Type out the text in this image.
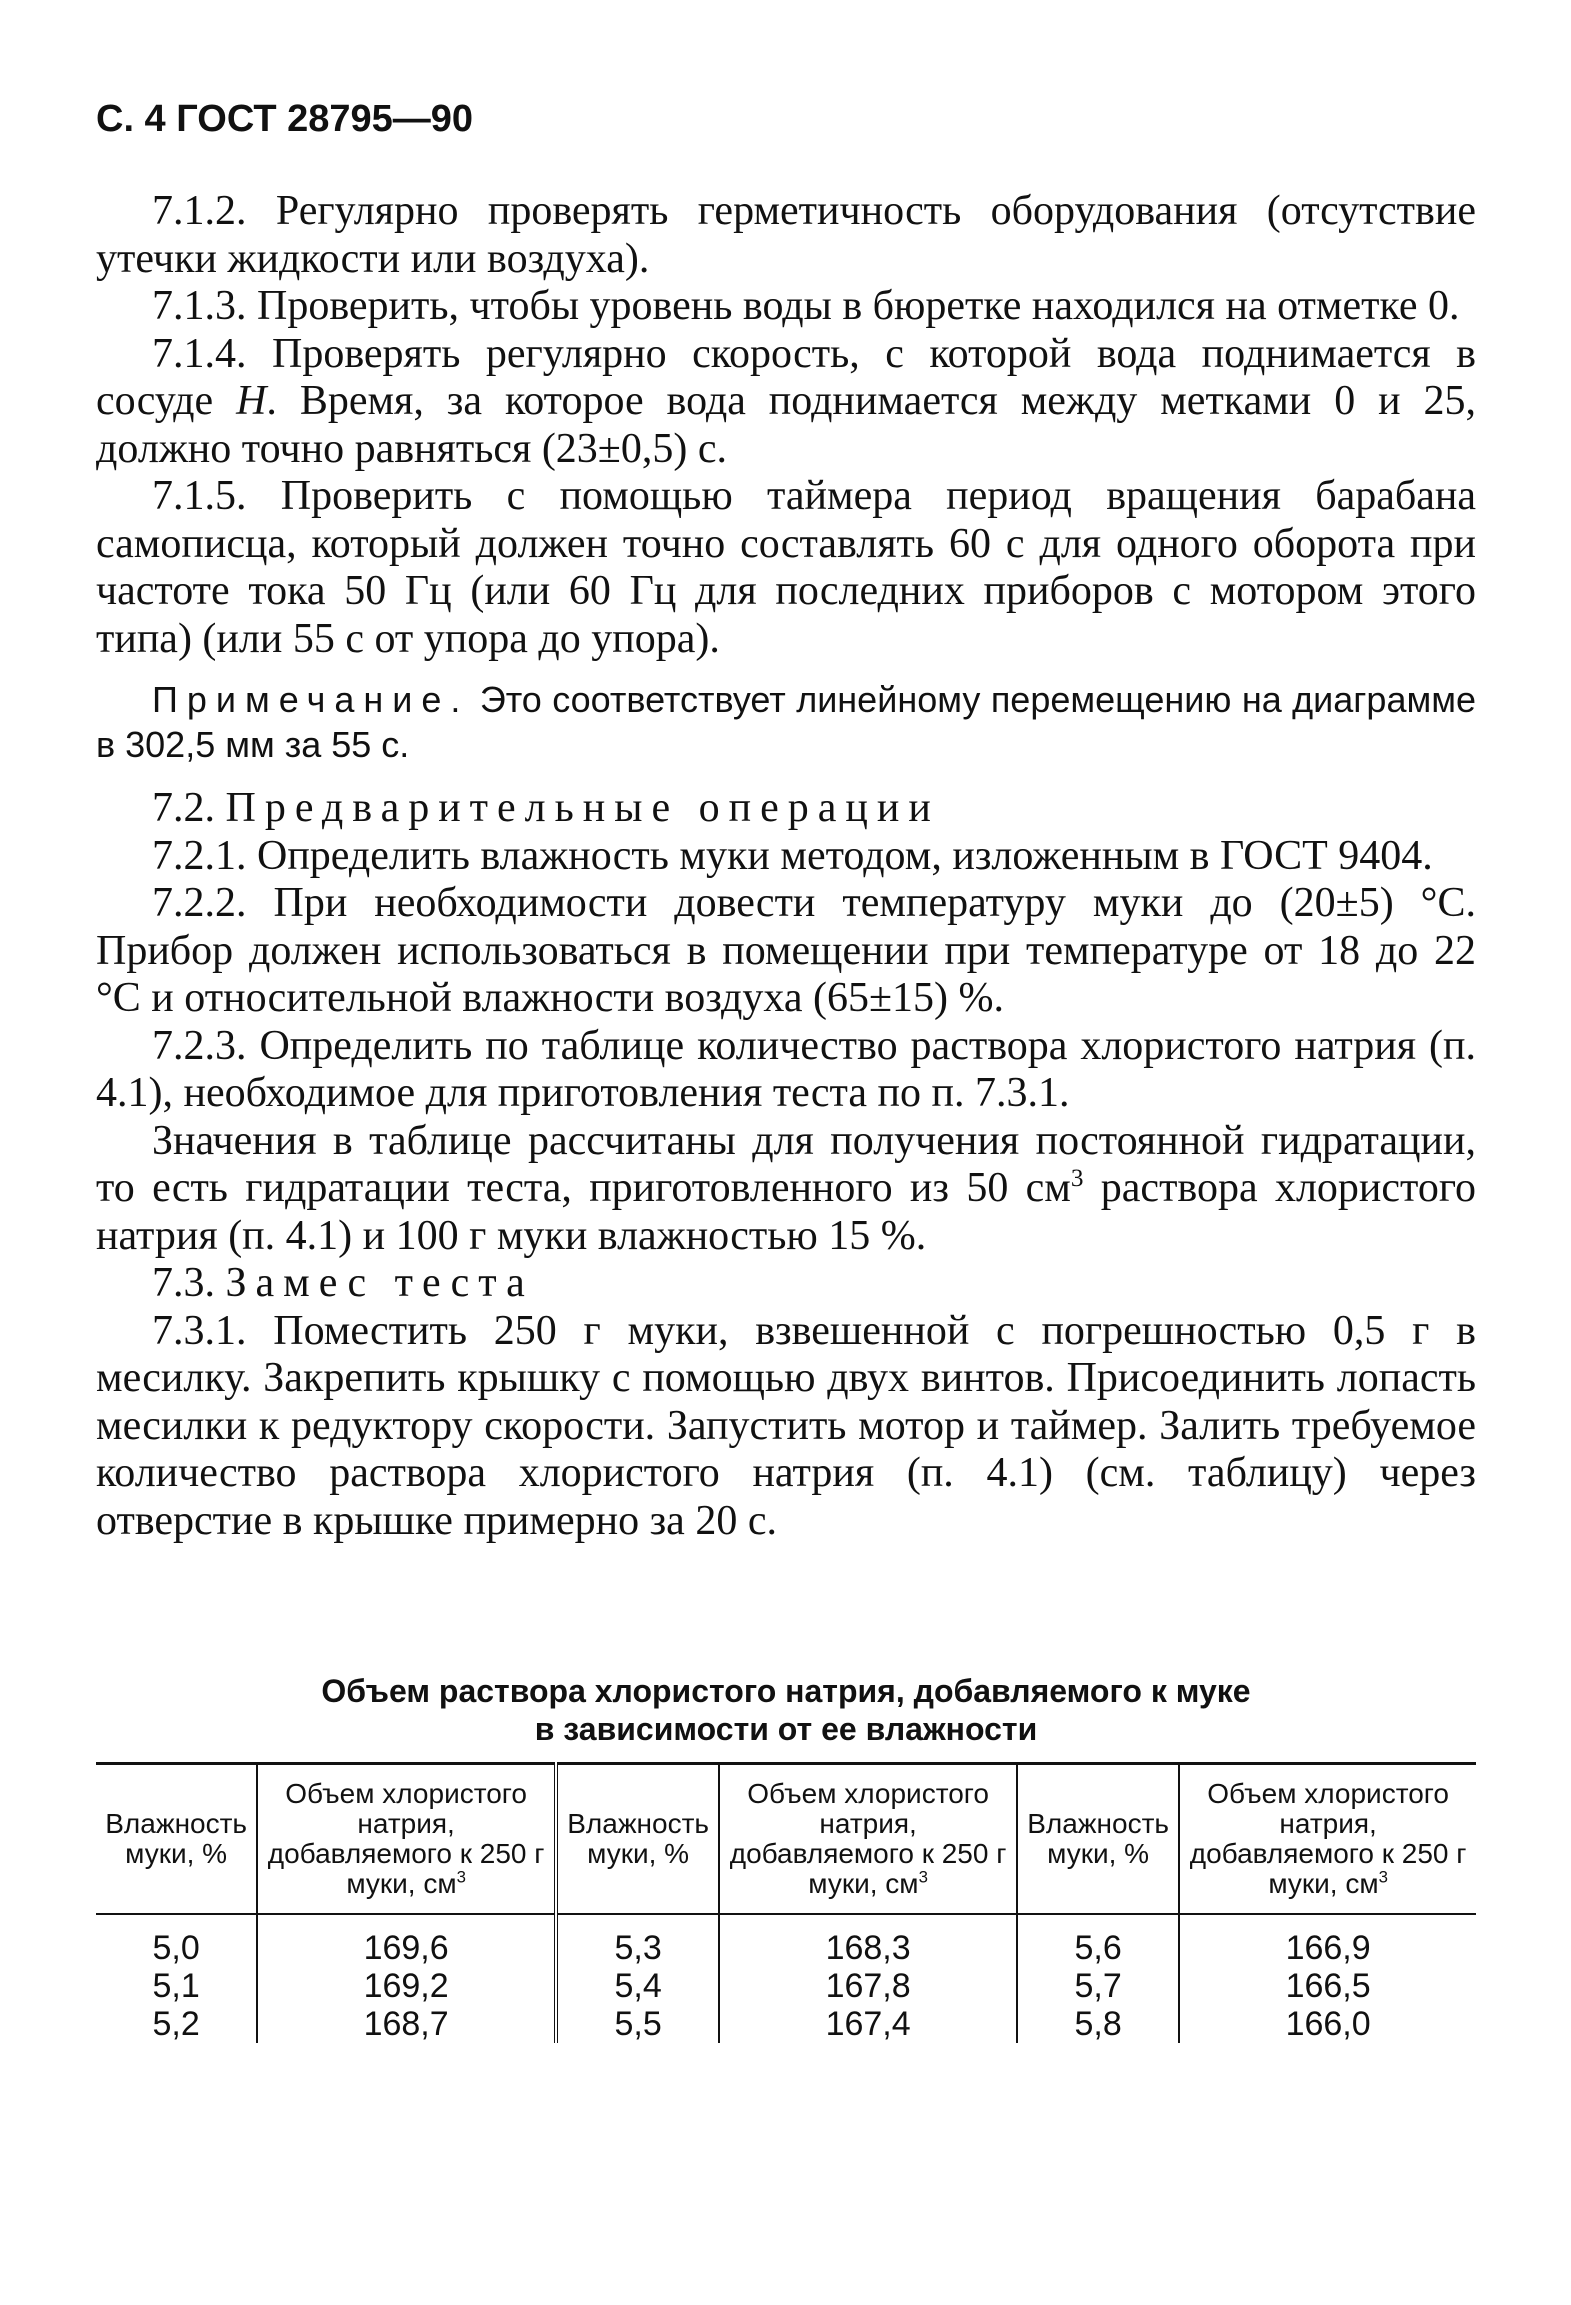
С. 4 ГОСТ 28795—90

7.1.2. Регулярно проверять герметичность оборудования (отсутствие утечки жидкости или воздуха).

7.1.3. Проверить, чтобы уровень воды в бюретке находился на отметке 0.

7.1.4. Проверять регулярно скорость, с которой вода поднимается в сосуде H. Время, за которое вода поднимается между метками 0 и 25, должно точно равняться (23±0,5) с.

7.1.5. Проверить с помощью таймера период вращения барабана самописца, который должен точно составлять 60 с для одного оборота при частоте тока 50 Гц (или 60 Гц для последних приборов с мотором этого типа) (или 55 с от упора до упора).

Примечание. Это соответствует линейному перемещению на диаграмме в 302,5 мм за 55 с.

7.2. Предварительные операции

7.2.1. Определить влажность муки методом, изложенным в ГОСТ 9404.

7.2.2. При необходимости довести температуру муки до (20±5) °С. Прибор должен использоваться в помещении при температуре от 18 до 22 °С и относительной влажности воздуха (65±15) %.

7.2.3. Определить по таблице количество раствора хлористого натрия (п. 4.1), необходимое для приготовления теста по п. 7.3.1.

Значения в таблице рассчитаны для получения постоянной гидратации, то есть гидратации теста, приготовленного из 50 $см^3$ раствора хлористого натрия (п. 4.1) и 100 г муки влажностью 15 %.

7.3. Замес теста

7.3.1. Поместить 250 г муки, взвешенной с погрешностью 0,5 г в месилку. Закрепить крышку с помощью двух винтов. Присоединить лопасть месилки к редуктору скорости. Запустить мотор и таймер. Залить требуемое количество раствора хлористого натрия (п. 4.1) (см. таблицу) через отверстие в крышке примерно за 20 с.

Объем раствора хлористого натрия, добавляемого к муке
в зависимости от ее влажности
Влажность муки, %	Объем хлористого натрия, добавляемого к 250 г муки, $см^3$	Влажность муки, %	Объем хлористого натрия, добавляемого к 250 г муки, $см^3$	Влажность муки, %	Объем хлористого натрия, добавляемого к 250 г муки, $см^3$
5,0	169,6	5,3	168,3	5,6	166,9
5,1	169,2	5,4	167,8	5,7	166,5
5,2	168,7	5,5	167,4	5,8	166,0
